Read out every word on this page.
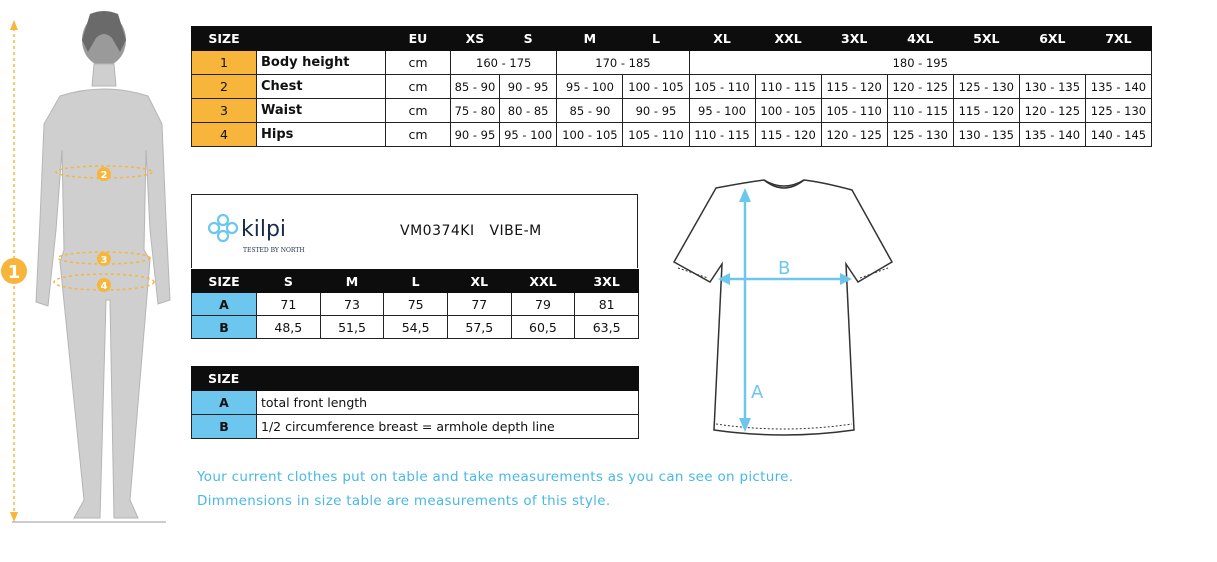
1
2
3
4
SIZE		EU	XS	S	M	L	XL	XXL	3XL	4XL	5XL	6XL	7XL
1	Body height	cm	160 - 175		170 - 185		180 - 195						
2	Chest	cm	85 - 90	90 - 95	95 - 100	100 - 105	105 - 110	110 - 115	115 - 120	120 - 125	125 - 130	130 - 135	135 - 140
3	Waist	cm	75 - 80	80 - 85	85 - 90	90 - 95	95 - 100	100 - 105	105 - 110	110 - 115	115 - 120	120 - 125	125 - 130
4	Hips	cm	90 - 95	95 - 100	100 - 105	105 - 110	110 - 115	115 - 120	120 - 125	125 - 130	130 - 135	135 - 140	140 - 145
kilpi
TESTED BY NORTH
VM0374KI   VIBE-M
SIZE	S	M	L	XL	XXL	3XL
A	71	73	75	77	79	81
B	48,5	51,5	54,5	57,5	60,5	63,5
SIZE	
A	total front length
B	1/2 circumference breast = armhole depth line
Your current clothes put on table and take measurements as you can see on picture.
Dimmensions in size table are measurements of this style.
B
A
